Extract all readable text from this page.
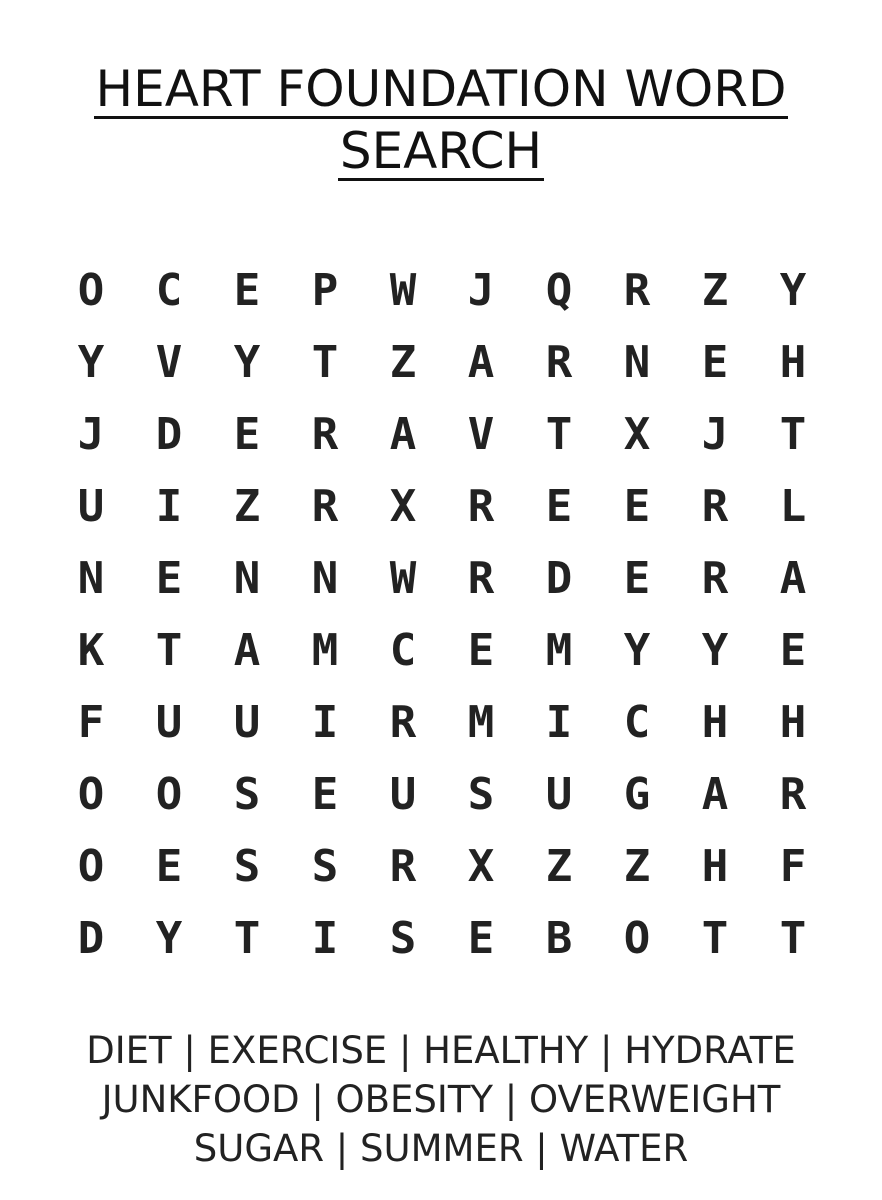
HEART FOUNDATION WORD
SEARCH
O	C	E	P	W	J	Q	R	Z	Y
Y	V	Y	T	Z	A	R	N	E	H
J	D	E	R	A	V	T	X	J	T
U	I	Z	R	X	R	E	E	R	L
N	E	N	N	W	R	D	E	R	A
K	T	A	M	C	E	M	Y	Y	E
F	U	U	I	R	M	I	C	H	H
O	O	S	E	U	S	U	G	A	R
O	E	S	S	R	X	Z	Z	H	F
D	Y	T	I	S	E	B	O	T	T
DIET | EXERCISE | HEALTHY | HYDRATE
JUNKFOOD | OBESITY | OVERWEIGHT
SUGAR | SUMMER | WATER
